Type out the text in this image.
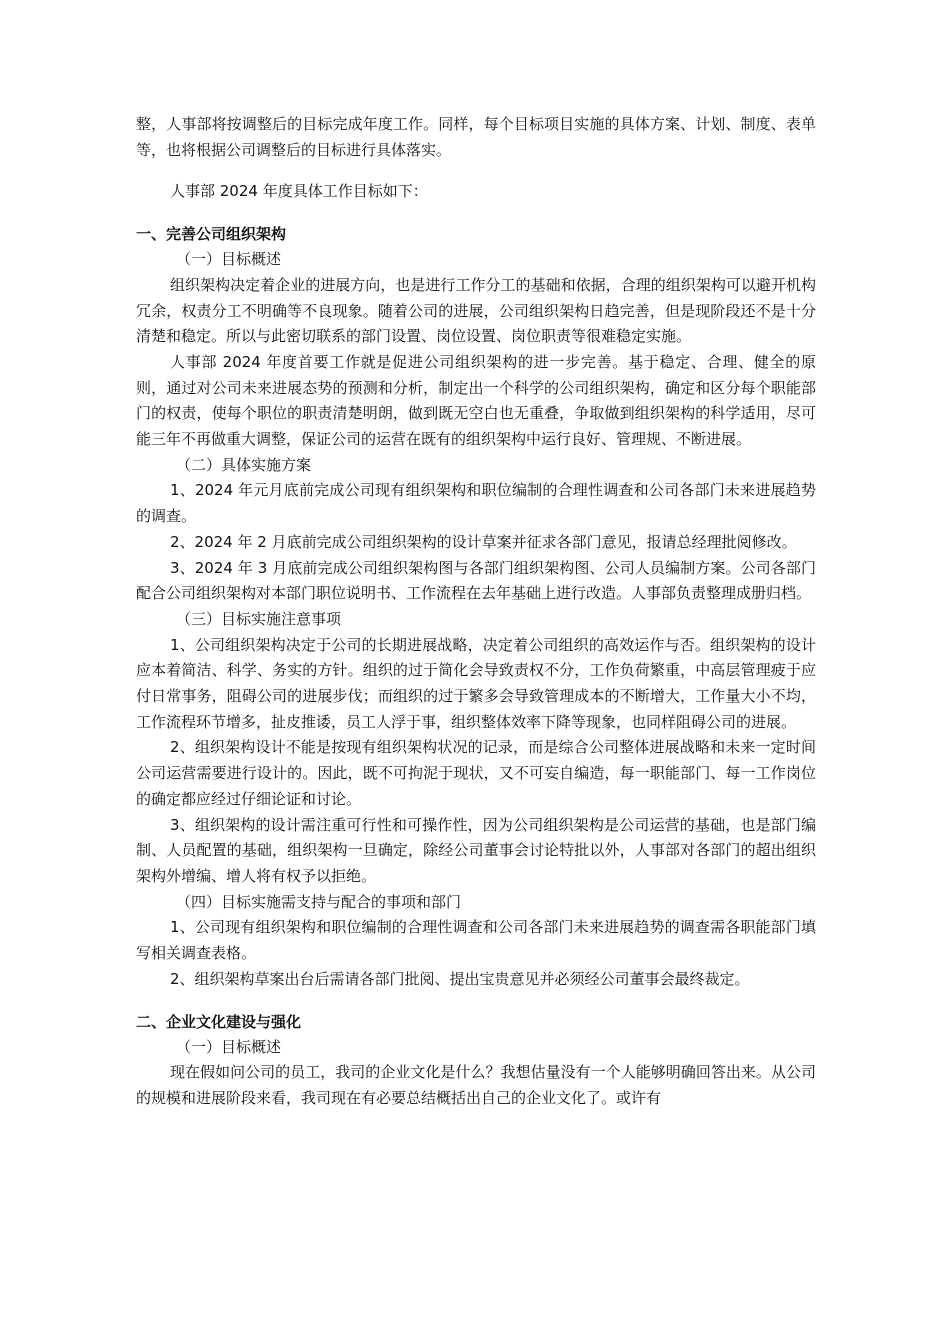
整，人事部将按调整后的目标完成年度工作。同样，每个目标项目实施的具体方案、计划、制度、表单等，也将根据公司调整后的目标进行具体落实。

人事部 2024 年度具体工作目标如下：

一、完善公司组织架构

（一）目标概述

组织架构决定着企业的进展方向，也是进行工作分工的基础和依据，合理的组织架构可以避开机构冗余，权责分工不明确等不良现象。随着公司的进展，公司组织架构日趋完善，但是现阶段还不是十分清楚和稳定。所以与此密切联系的部门设置、岗位设置、岗位职责等很难稳定实施。

人事部 2024 年度首要工作就是促进公司组织架构的进一步完善。基于稳定、合理、健全的原则，通过对公司未来进展态势的预测和分析，制定出一个科学的公司组织架构，确定和区分每个职能部门的权责，使每个职位的职责清楚明朗，做到既无空白也无重叠，争取做到组织架构的科学适用，尽可能三年不再做重大调整，保证公司的运营在既有的组织架构中运行良好、管理规、不断进展。

（二）具体实施方案

1、2024 年元月底前完成公司现有组织架构和职位编制的合理性调查和公司各部门未来进展趋势的调查。

2、2024 年 2 月底前完成公司组织架构的设计草案并征求各部门意见，报请总经理批阅修改。

3、2024 年 3 月底前完成公司组织架构图与各部门组织架构图、公司人员编制方案。公司各部门配合公司组织架构对本部门职位说明书、工作流程在去年基础上进行改造。人事部负责整理成册归档。

（三）目标实施注意事项

1、公司组织架构决定于公司的长期进展战略，决定着公司组织的高效运作与否。组织架构的设计应本着简洁、科学、务实的方针。组织的过于简化会导致责权不分，工作负荷繁重，中高层管理疲于应付日常事务，阻碍公司的进展步伐；而组织的过于繁多会导致管理成本的不断增大，工作量大小不均，工作流程环节增多，扯皮推诿，员工人浮于事，组织整体效率下降等现象，也同样阻碍公司的进展。

2、组织架构设计不能是按现有组织架构状况的记录，而是综合公司整体进展战略和未来一定时间公司运营需要进行设计的。因此，既不可拘泥于现状，又不可妄自编造，每一职能部门、每一工作岗位的确定都应经过仔细论证和讨论。

3、组织架构的设计需注重可行性和可操作性，因为公司组织架构是公司运营的基础，也是部门编制、人员配置的基础，组织架构一旦确定，除经公司董事会讨论特批以外，人事部对各部门的超出组织架构外增编、增人将有权予以拒绝。

（四）目标实施需支持与配合的事项和部门

1、公司现有组织架构和职位编制的合理性调查和公司各部门未来进展趋势的调查需各职能部门填写相关调查表格。

2、组织架构草案出台后需请各部门批阅、提出宝贵意见并必须经公司董事会最终裁定。

二、企业文化建设与强化

（一）目标概述

现在假如问公司的员工，我司的企业文化是什么？我想估量没有一个人能够明确回答出来。从公司的规模和进展阶段来看，我司现在有必要总结概括出自己的企业文化了。或许有
